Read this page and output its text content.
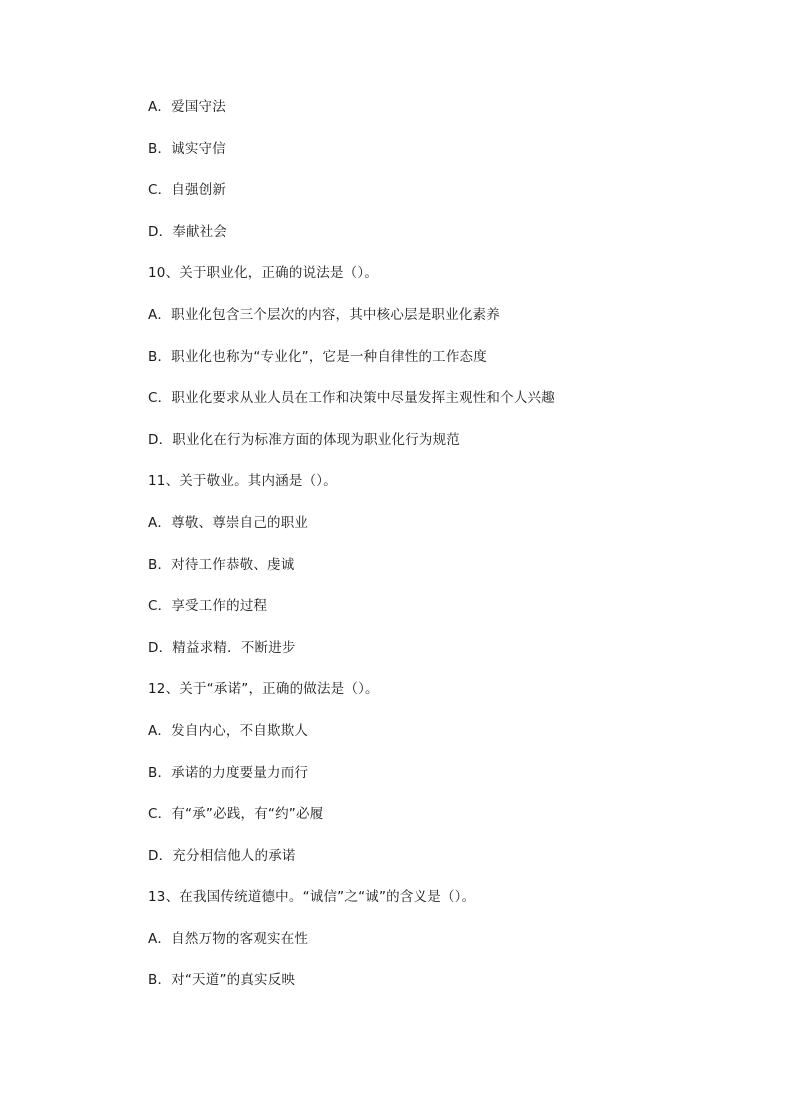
A．爱国守法
B．诚实守信
C．自强创新
D．奉献社会
10、关于职业化，正确的说法是（）。
A．职业化包含三个层次的内容，其中核心层是职业化素养
B．职业化也称为“专业化”，它是一种自律性的工作态度
C．职业化要求从业人员在工作和决策中尽量发挥主观性和个人兴趣
D．职业化在行为标准方面的体现为职业化行为规范
11、关于敬业。其内涵是（）。
A．尊敬、尊崇自己的职业
B．对待工作恭敬、虔诚
C．享受工作的过程
D．精益求精．不断进步
12、关于“承诺”，正确的做法是（）。
A．发自内心，不自欺欺人
B．承诺的力度要量力而行
C．有“承”必践，有“约”必履
D．充分相信他人的承诺
13、在我国传统道德中。“诚信”之“诚”的含义是（）。
A．自然万物的客观实在性
B．对“天道”的真实反映
